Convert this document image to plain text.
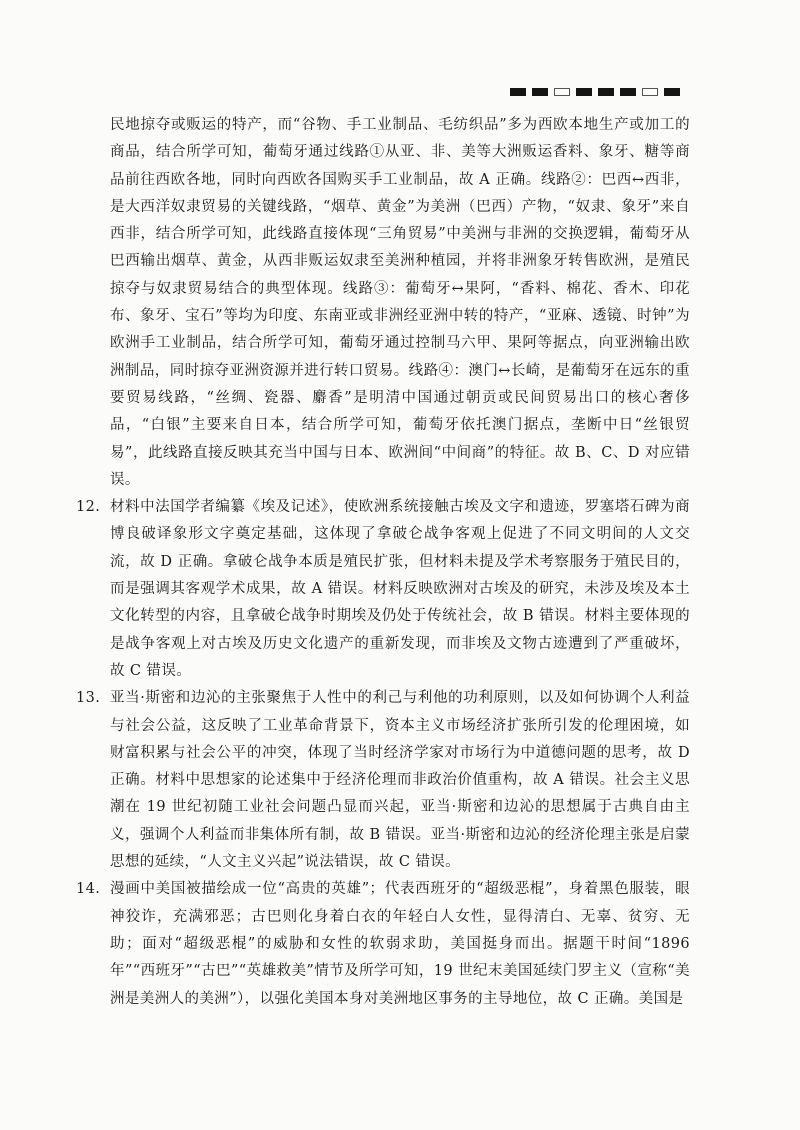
民地掠夺或贩运的特产，而“谷物、手工业制品、毛纺织品”多为西欧本地生产或加工的商品，结合所学可知，葡萄牙通过线路①从亚、非、美等大洲贩运香料、象牙、糖等商品前往西欧各地，同时向西欧各国购买手工业制品，故 A 正确。线路②：巴西↔西非，是大西洋奴隶贸易的关键线路，“烟草、黄金”为美洲（巴西）产物，“奴隶、象牙”来自西非，结合所学可知，此线路直接体现“三角贸易”中美洲与非洲的交换逻辑，葡萄牙从巴西输出烟草、黄金，从西非贩运奴隶至美洲种植园，并将非洲象牙转售欧洲，是殖民掠夺与奴隶贸易结合的典型体现。线路③：葡萄牙↔果阿，“香料、棉花、香木、印花布、象牙、宝石”等均为印度、东南亚或非洲经亚洲中转的特产，“亚麻、透镜、时钟”为欧洲手工业制品，结合所学可知，葡萄牙通过控制马六甲、果阿等据点，向亚洲输出欧洲制品，同时掠夺亚洲资源并进行转口贸易。线路④：澳门↔长崎，是葡萄牙在远东的重要贸易线路，“丝绸、瓷器、麝香”是明清中国通过朝贡或民间贸易出口的核心奢侈品，“白银”主要来自日本，结合所学可知，葡萄牙依托澳门据点，垄断中日“丝银贸易”，此线路直接反映其充当中国与日本、欧洲间“中间商”的特征。故 B、C、D 对应错误。

12. 材料中法国学者编纂《埃及记述》，使欧洲系统接触古埃及文字和遗迹，罗塞塔石碑为商博良破译象形文字奠定基础，这体现了拿破仑战争客观上促进了不同文明间的人文交流，故 D 正确。拿破仑战争本质是殖民扩张，但材料未提及学术考察服务于殖民目的，而是强调其客观学术成果，故 A 错误。材料反映欧洲对古埃及的研究，未涉及埃及本土文化转型的内容，且拿破仑战争时期埃及仍处于传统社会，故 B 错误。材料主要体现的是战争客观上对古埃及历史文化遗产的重新发现，而非埃及文物古迹遭到了严重破坏，故 C 错误。
13. 亚当·斯密和边沁的主张聚焦于人性中的利己与利他的功利原则，以及如何协调个人利益与社会公益，这反映了工业革命背景下，资本主义市场经济扩张所引发的伦理困境，如财富积累与社会公平的冲突，体现了当时经济学家对市场行为中道德问题的思考，故 D 正确。材料中思想家的论述集中于经济伦理而非政治价值重构，故 A 错误。社会主义思潮在 19 世纪初随工业社会问题凸显而兴起，亚当·斯密和边沁的思想属于古典自由主义，强调个人利益而非集体所有制，故 B 错误。亚当·斯密和边沁的经济伦理主张是启蒙思想的延续，“人文主义兴起”说法错误，故 C 错误。
14. 漫画中美国被描绘成一位“高贵的英雄”；代表西班牙的“超级恶棍”，身着黑色服装，眼神狡诈，充满邪恶；古巴则化身着白衣的年轻白人女性，显得清白、无辜、贫穷、无助；面对“超级恶棍”的威胁和女性的软弱求助，美国挺身而出。据题干时间“1896 年”“西班牙”“古巴”“英雄救美”情节及所学可知，19 世纪末美国延续门罗主义（宣称“美洲是美洲人的美洲”），以强化美国本身对美洲地区事务的主导地位，故 C 正确。美国是
